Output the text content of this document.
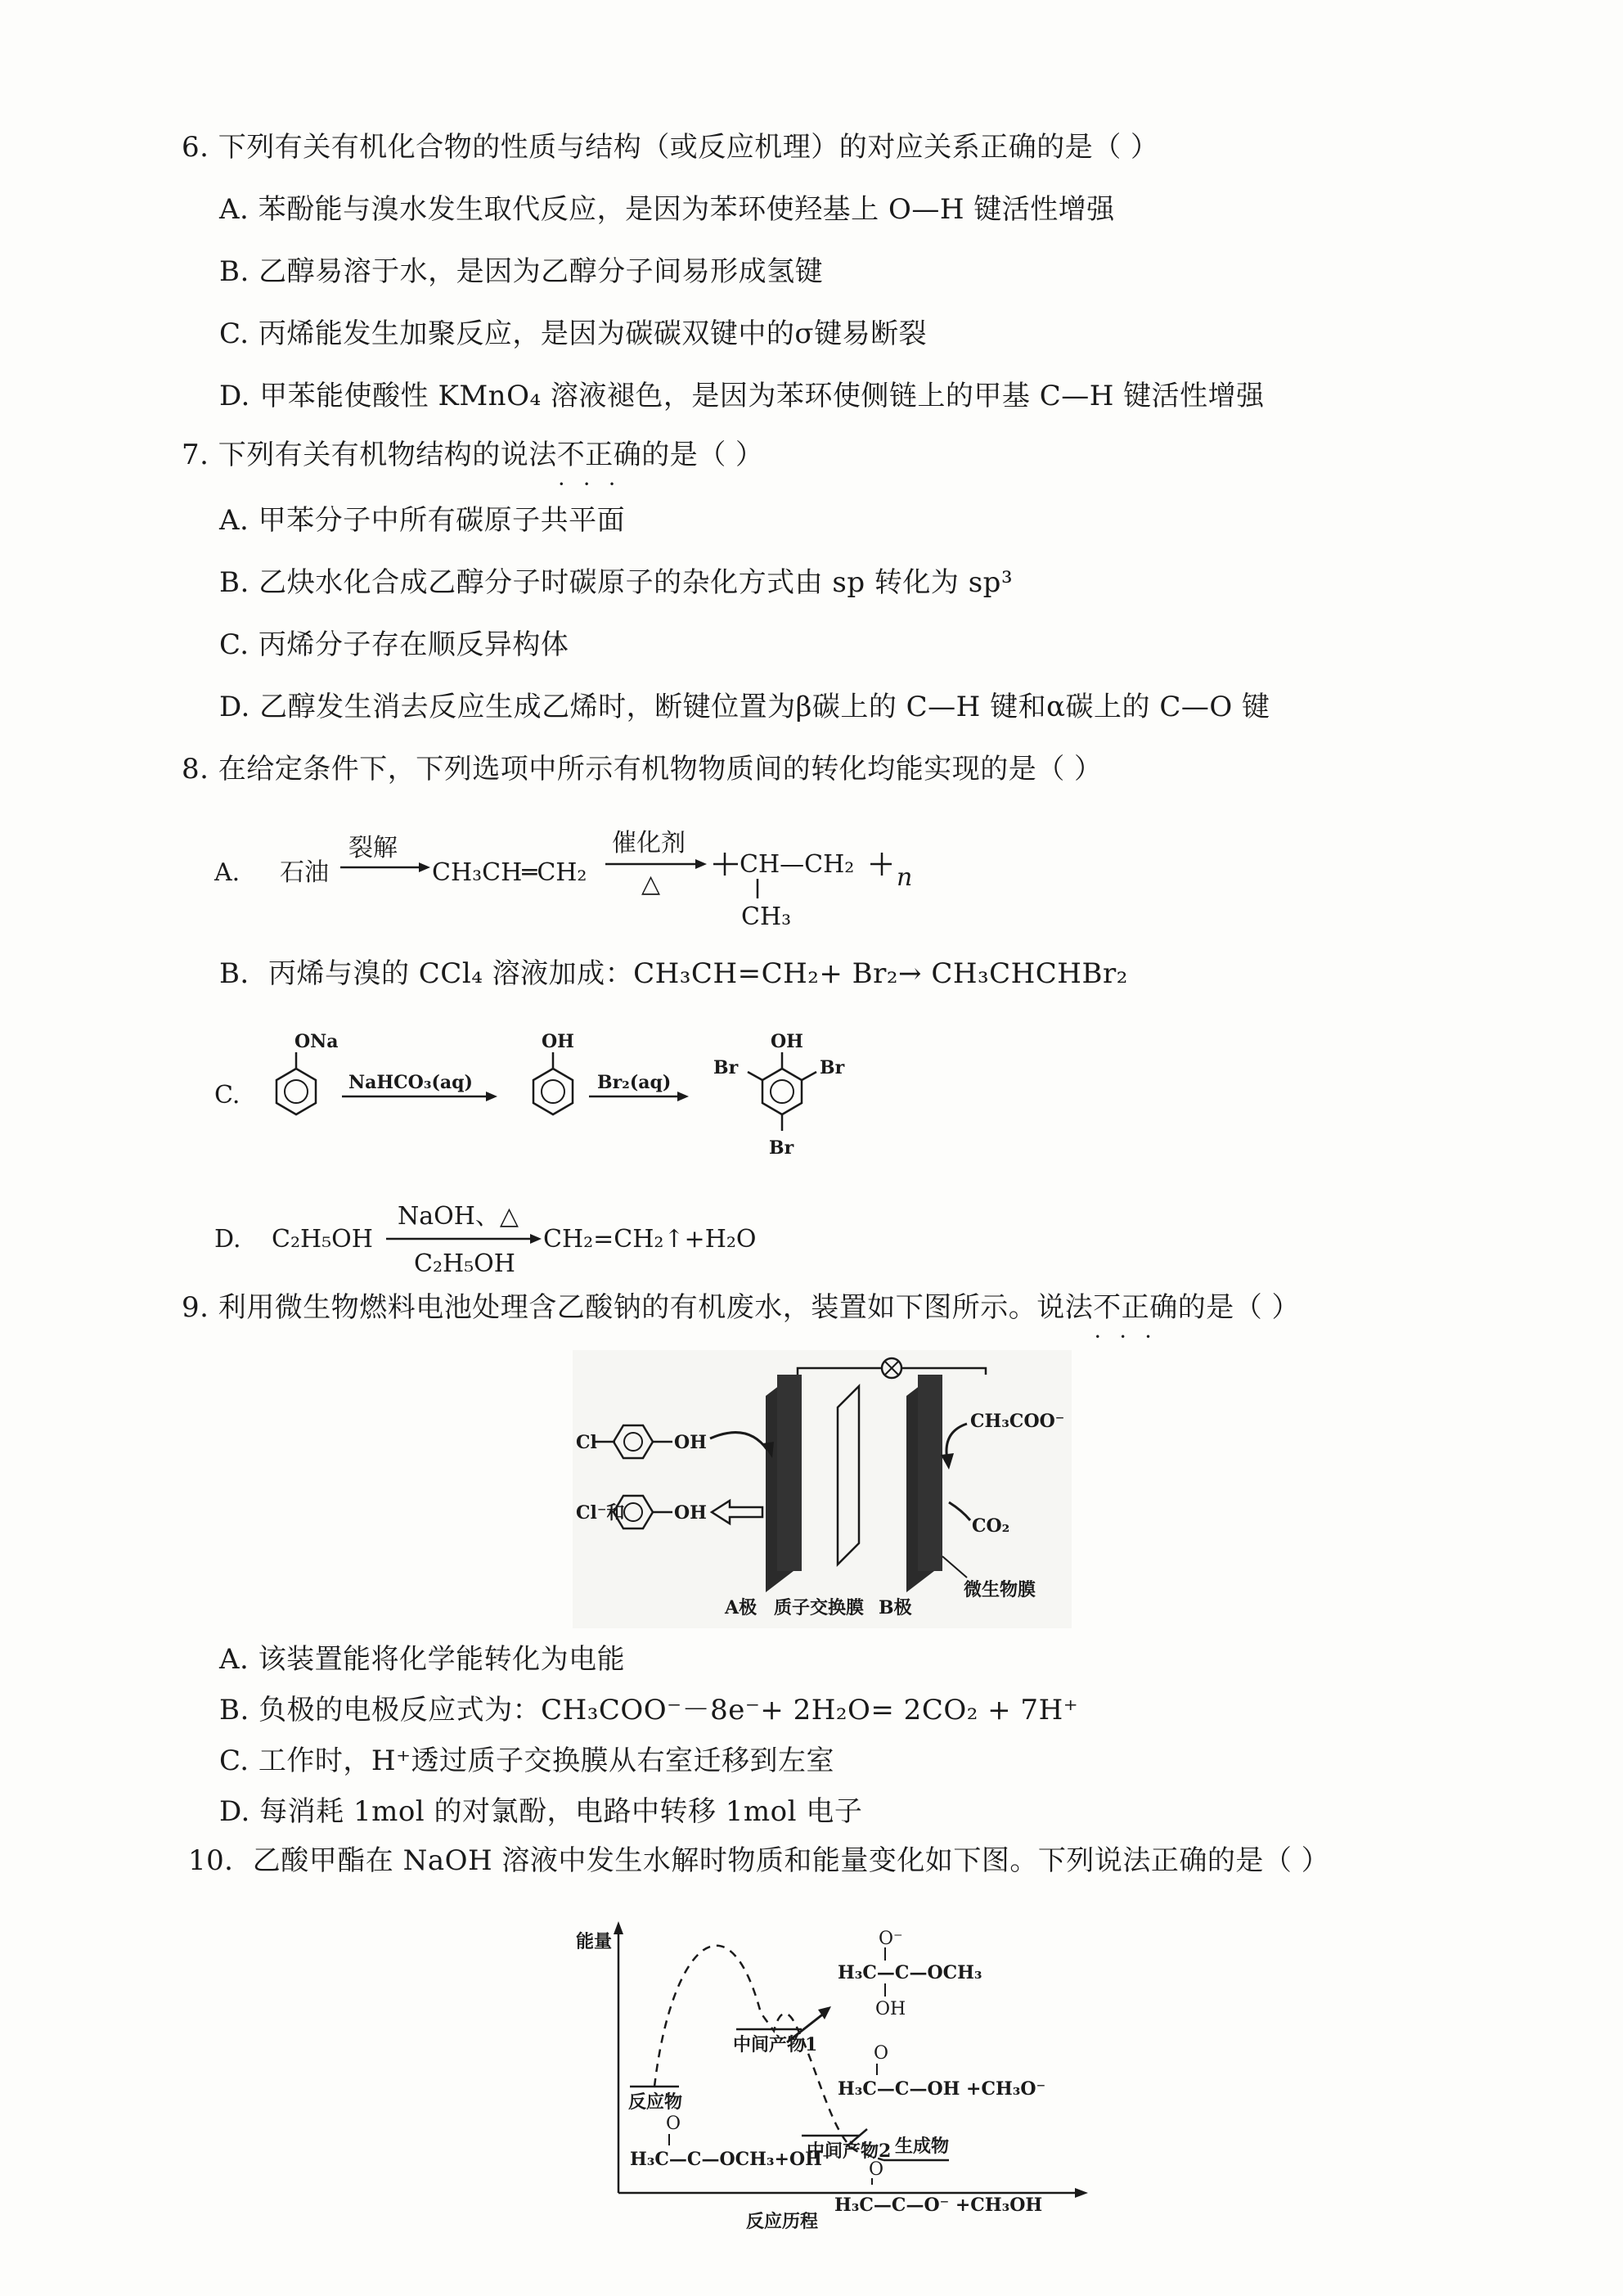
6. 下列有关有机化合物的性质与结构（或反应机理）的对应关系正确的是（ ）
A. 苯酚能与溴水发生取代反应，是因为苯环使羟基上 O—H 键活性增强
B. 乙醇易溶于水，是因为乙醇分子间易形成氢键
C. 丙烯能发生加聚反应，是因为碳碳双键中的σ键易断裂
D. 甲苯能使酸性 KMnO₄ 溶液褪色，是因为苯环使侧链上的甲基 C—H 键活性增强
7. 下列有关有机物结构的说法不正确 • • •的是（ ）
A. 甲苯分子中所有碳原子共平面
B. 乙炔水化合成乙醇分子时碳原子的杂化方式由 sp 转化为 sp³
C. 丙烯分子存在顺反异构体
D. 乙醇发生消去反应生成乙烯时，断键位置为β碳上的 C—H 键和α碳上的 C—O 键
8. 在给定条件下，下列选项中所示有机物物质间的转化均能实现的是（ ）
A. 石油
裂解
CH₃CH═CH₂
催化剂
△
CH—CH₂ n
CH₃
B．丙烯与溴的 CCl₄ 溶液加成：CH₃CH=CH₂+ Br₂→ CH₃CHCHBr₂
C.
ONa
NaHCO₃(aq)
OH
Br₂(aq)
OH
Br	Br
Br
D. C₂H₅OH
NaOH、△
C₂H₅OH
CH₂=CH₂↑+H₂O
9. 利用微生物燃料电池处理含乙酸钠的有机废水，装置如下图所示。说法不正确 • • •的是（ ）
Cl	OH
Cl⁻和	OH
CH₃COO⁻
CO₂
微生物膜
A极 质子交换膜 B极
A. 该装置能将化学能转化为电能
B. 负极的电极反应式为：CH₃COO⁻－8e⁻+ 2H₂O= 2CO₂ + 7H⁺
C. 工作时，H⁺透过质子交换膜从右室迁移到左室
D. 每消耗 1mol 的对氯酚，电路中转移 1mol 电子
10．乙酸甲酯在 NaOH 溶液中发生水解时物质和能量变化如下图。下列说法正确的是（ ）
能量
反应历程
反应物
O
H₃C—C—OCH₃+OH⁻
中间产物1
O⁻
H₃C—C—OCH₃
OH
中间产物2
O
H₃C—C—OH +CH₃O⁻
生成物
O
H₃C—C—O⁻ +CH₃OH
